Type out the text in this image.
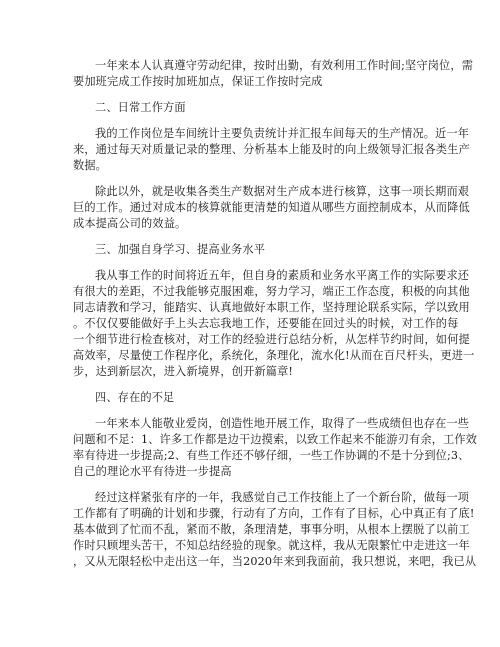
一年来本人认真遵守劳动纪律，按时出勤，有效利用工作时间;坚守岗位，需
要加班完成工作按时加班加点，保证工作按时完成
二、日常工作方面
我的工作岗位是车间统计主要负责统计并汇报车间每天的生产情况。近一年
来，通过每天对质量记录的整理、分析基本上能及时的向上级领导汇报各类生产
数据。
除此以外，就是收集各类生产数据对生产成本进行核算，这事一项长期而艰
巨的工作。通过对成本的核算就能更清楚的知道从哪些方面控制成本，从而降低
成本提高公司的效益。
三、加强自身学习、提高业务水平
我从事工作的时间将近五年，但自身的素质和业务水平离工作的实际要求还
有很大的差距，不过我能够克服困难，努力学习，端正工作态度，积极的向其他
同志请教和学习，能踏实、认真地做好本职工作，坚持理论联系实际，学以致用
。不仅仅要能做好手上头去忘我地工作，还要能在回过头的时候，对工作的每
一个细节进行检查核对，对工作的经验进行总结分析，从怎样节约时间，如何提
高效率，尽量使工作程序化，系统化，条理化，流水化!从而在百尺杆头，更进一
步，达到新层次，进入新境界，创开新篇章!
四、存在的不足
一年来本人能敬业爱岗，创造性地开展工作，取得了一些成绩但也存在一些
问题和不足：1、许多工作都是边干边摸索，以致工作起来不能游刃有余，工作效
率有待进一步提高;2、有些工作还不够仔细，一些工作协调的不是十分到位;3、
自己的理论水平有待进一步提高
经过这样紧张有序的一年，我感觉自己工作技能上了一个新台阶，做每一项
工作都有了明确的计划和步骤，行动有了方向，工作有了目标，心中真正有了底!
基本做到了忙而不乱，紧而不散，条理清楚，事事分明，从根本上摆脱了以前工
作时只顾埋头苦干，不知总结经验的现象。就这样，我从无限繁忙中走进这一年
，又从无限轻松中走出这一年，当2020年来到我面前，我只想说，来吧，我已从
